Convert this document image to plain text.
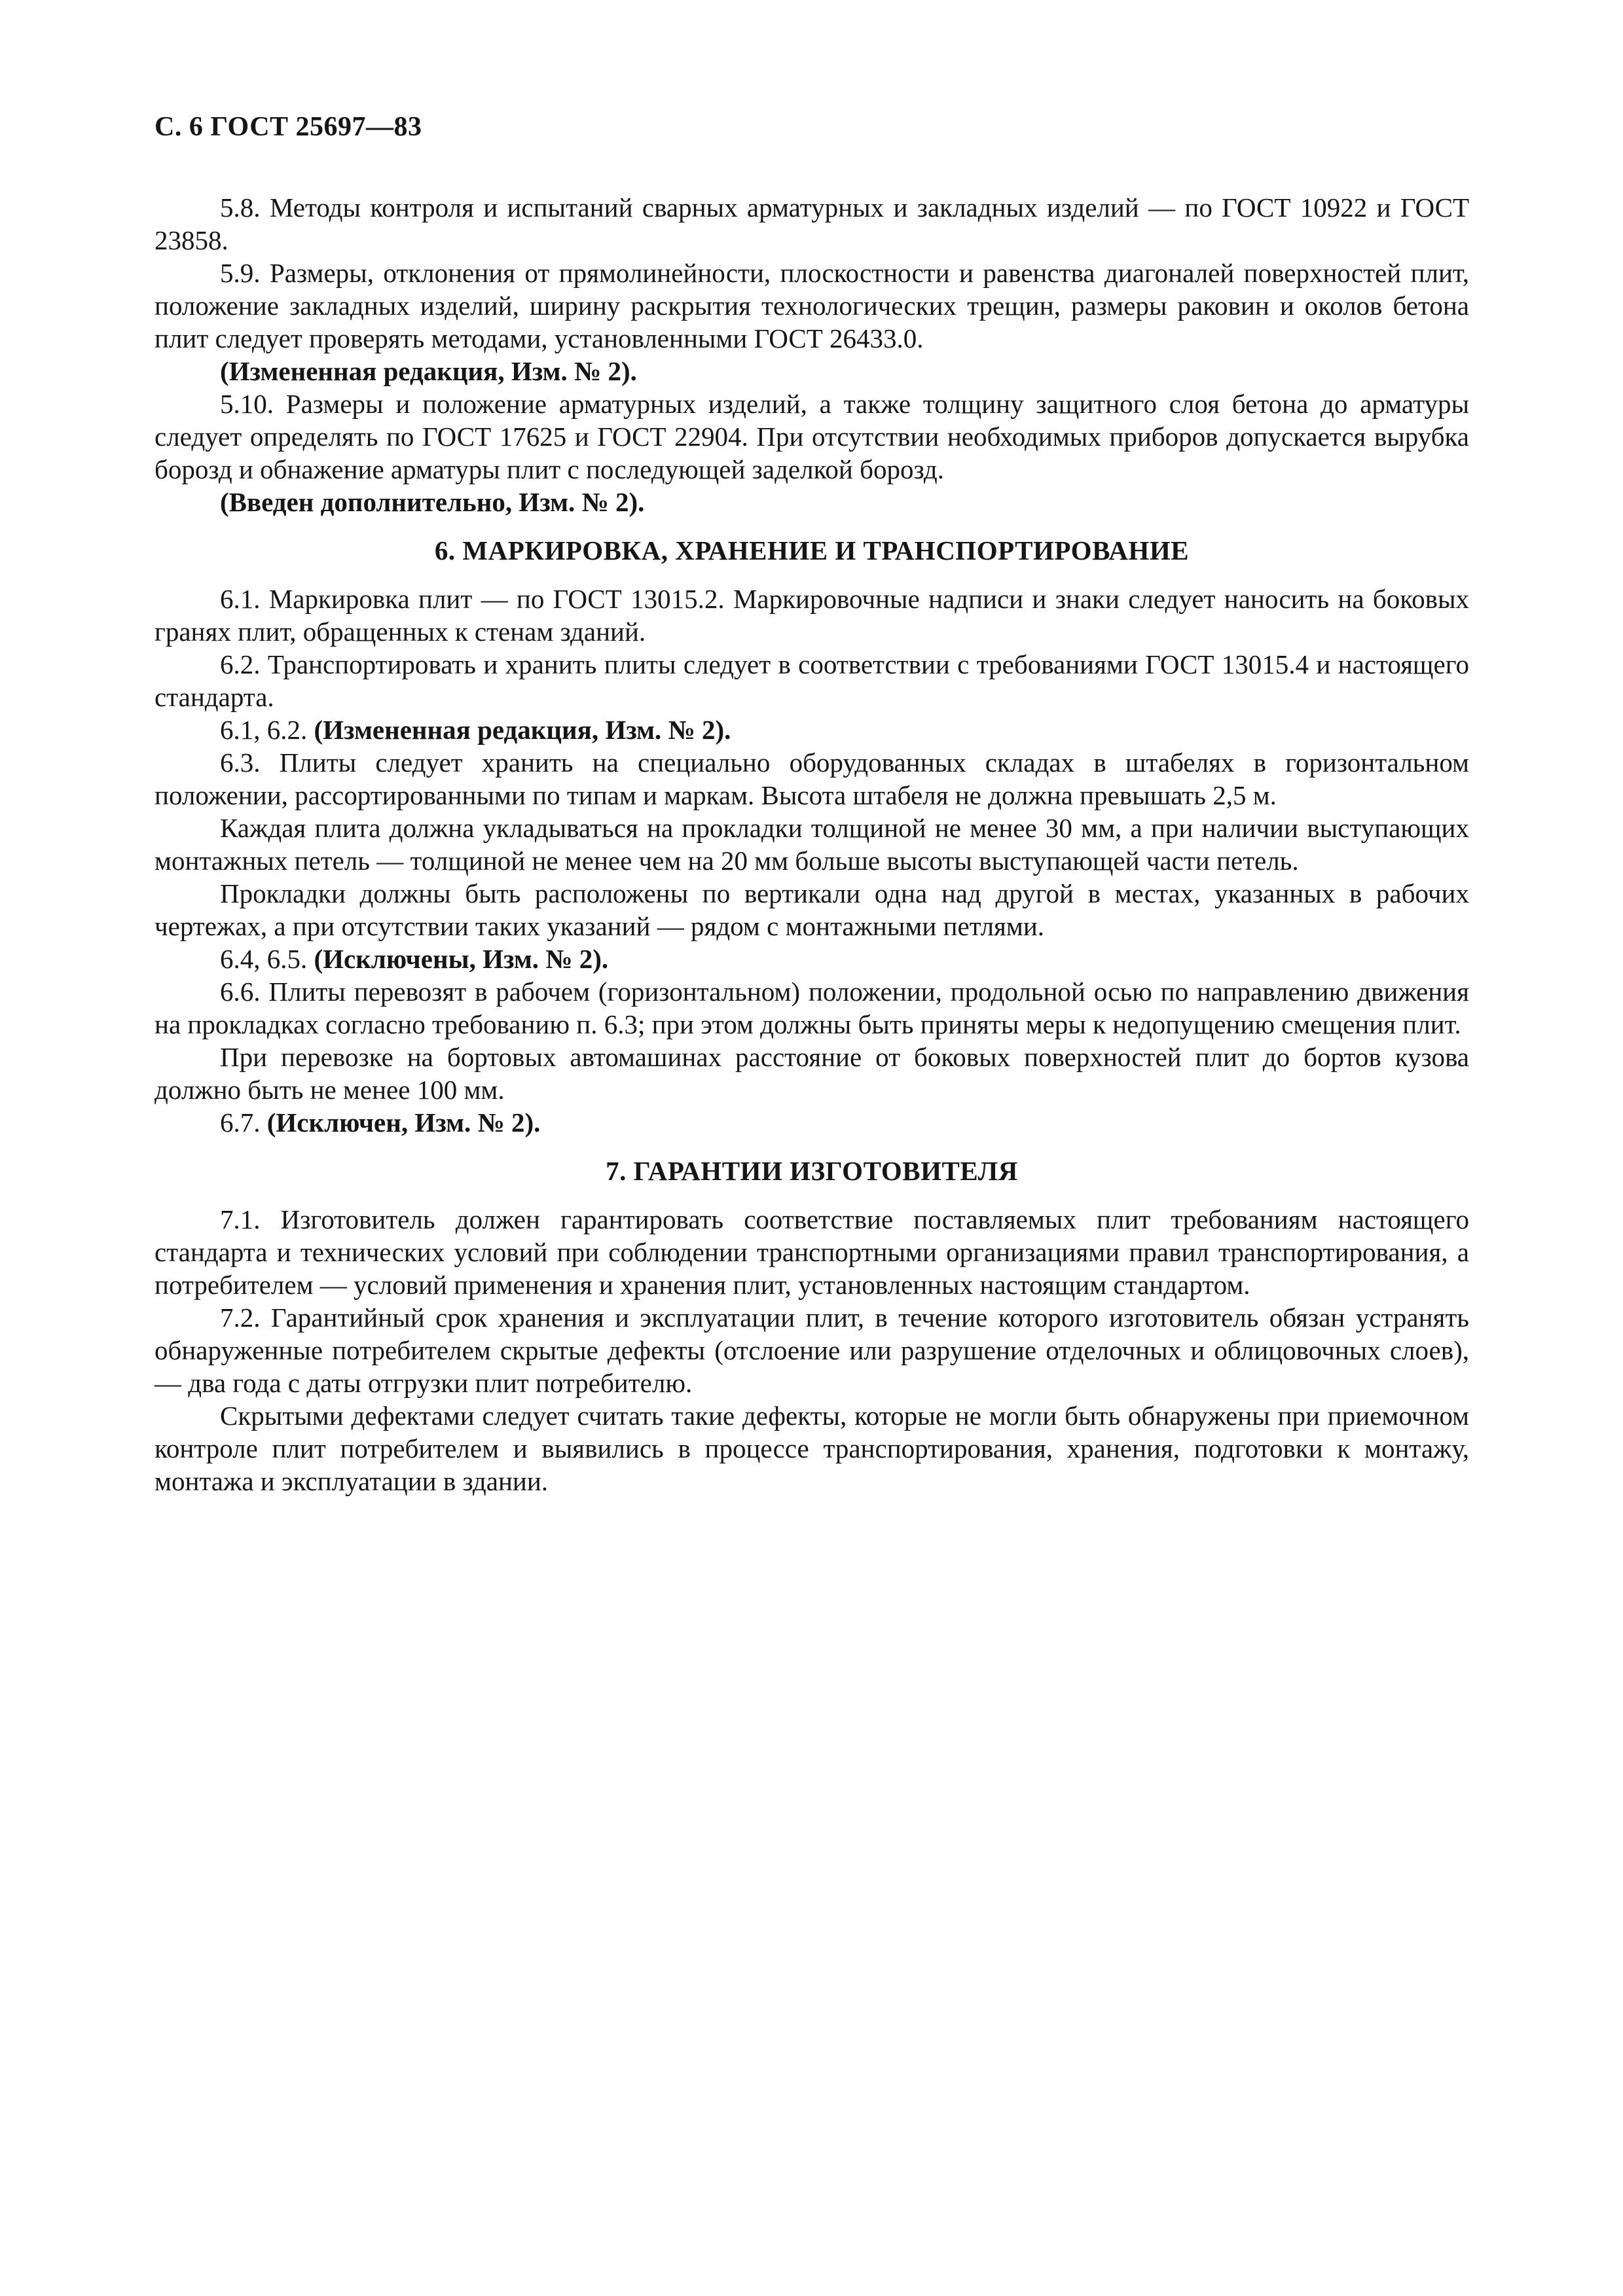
С. 6 ГОСТ 25697—83

5.8. Методы контроля и испытаний сварных арматурных и закладных изделий — по ГОСТ 10922 и ГОСТ 23858.

5.9. Размеры, отклонения от прямолинейности, плоскостности и равенства диагоналей поверхностей плит, положение закладных изделий, ширину раскрытия технологических трещин, размеры раковин и околов бетона плит следует проверять методами, установленными ГОСТ 26433.0.

(Измененная редакция, Изм. № 2).

5.10. Размеры и положение арматурных изделий, а также толщину защитного слоя бетона до арматуры следует определять по ГОСТ 17625 и ГОСТ 22904. При отсутствии необходимых приборов допускается вырубка борозд и обнажение арматуры плит с последующей заделкой борозд.

(Введен дополнительно, Изм. № 2).

6. МАРКИРОВКА, ХРАНЕНИЕ И ТРАНСПОРТИРОВАНИЕ

6.1. Маркировка плит — по ГОСТ 13015.2. Маркировочные надписи и знаки следует наносить на боковых гранях плит, обращенных к стенам зданий.

6.2. Транспортировать и хранить плиты следует в соответствии с требованиями ГОСТ 13015.4 и настоящего стандарта.

6.1, 6.2. (Измененная редакция, Изм. № 2).

6.3. Плиты следует хранить на специально оборудованных складах в штабелях в горизонтальном положении, рассортированными по типам и маркам. Высота штабеля не должна превышать 2,5 м.

Каждая плита должна укладываться на прокладки толщиной не менее 30 мм, а при наличии выступающих монтажных петель — толщиной не менее чем на 20 мм больше высоты выступающей части петель.

Прокладки должны быть расположены по вертикали одна над другой в местах, указанных в рабочих чертежах, а при отсутствии таких указаний — рядом с монтажными петлями.

6.4, 6.5. (Исключены, Изм. № 2).

6.6. Плиты перевозят в рабочем (горизонтальном) положении, продольной осью по направлению движения на прокладках согласно требованию п. 6.3; при этом должны быть приняты меры к недопущению смещения плит.

При перевозке на бортовых автомашинах расстояние от боковых поверхностей плит до бортов кузова должно быть не менее 100 мм.

6.7. (Исключен, Изм. № 2).

7. ГАРАНТИИ ИЗГОТОВИТЕЛЯ

7.1. Изготовитель должен гарантировать соответствие поставляемых плит требованиям настоящего стандарта и технических условий при соблюдении транспортными организациями правил транспортирования, а потребителем — условий применения и хранения плит, установленных настоящим стандартом.

7.2. Гарантийный срок хранения и эксплуатации плит, в течение которого изготовитель обязан устранять обнаруженные потребителем скрытые дефекты (отслоение или разрушение отделочных и облицовочных слоев), — два года с даты отгрузки плит потребителю.

Скрытыми дефектами следует считать такие дефекты, которые не могли быть обнаружены при приемочном контроле плит потребителем и выявились в процессе транспортирования, хранения, подготовки к монтажу, монтажа и эксплуатации в здании.
